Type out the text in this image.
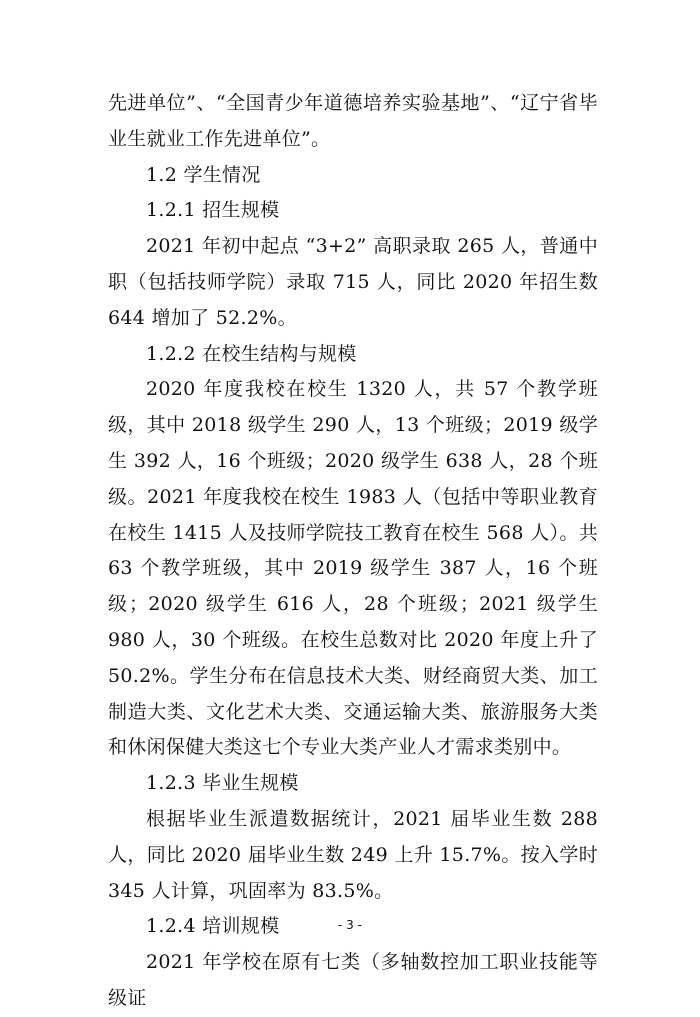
先进单位”、“全国青少年道德培养实验基地”、“辽宁省毕业生就业工作先进单位”。

1.2 学生情况

1.2.1 招生规模

2021 年初中起点 “3+2” 高职录取 265 人，普通中职（包括技师学院）录取 715 人，同比 2020 年招生数 644 增加了 52.2%。

1.2.2 在校生结构与规模

2020 年度我校在校生 1320 人，共 57 个教学班级，其中 2018 级学生 290 人，13 个班级；2019 级学生 392 人，16 个班级；2020 级学生 638 人，28 个班级。2021 年度我校在校生 1983 人（包括中等职业教育在校生 1415 人及技师学院技工教育在校生 568 人）。共 63 个教学班级，其中 2019 级学生 387 人，16 个班级；2020 级学生 616 人，28 个班级；2021 级学生 980 人，30 个班级。在校生总数对比 2020 年度上升了 50.2%。学生分布在信息技术大类、财经商贸大类、加工制造大类、文化艺术大类、交通运输大类、旅游服务大类和休闲保健大类这七个专业大类产业人才需求类别中。

1.2.3 毕业生规模

根据毕业生派遣数据统计，2021 届毕业生数 288 人，同比 2020 届毕业生数 249 上升 15.7%。按入学时 345 人计算，巩固率为 83.5%。

1.2.4 培训规模

2021 年学校在原有七类（多轴数控加工职业技能等级证

- 3 -
